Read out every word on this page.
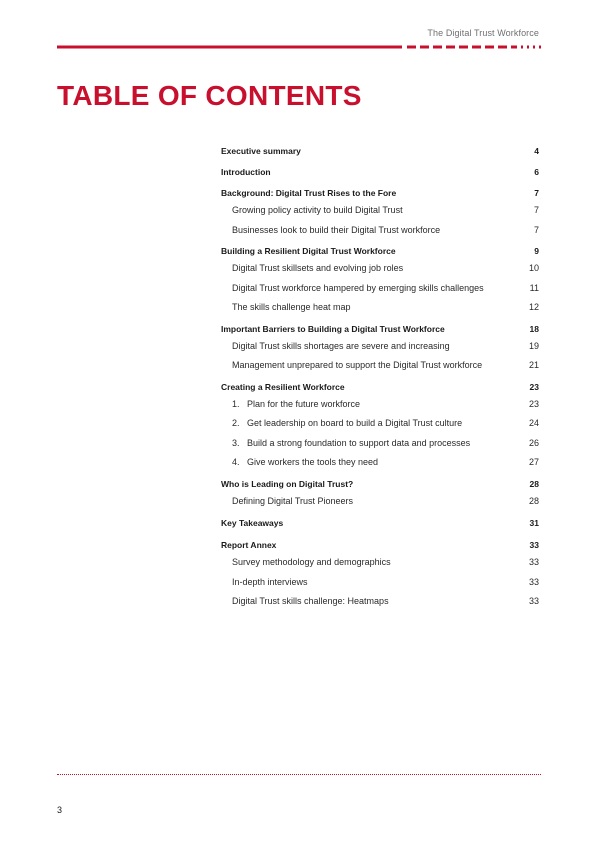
The Digital Trust Workforce
TABLE OF CONTENTS
Executive summary	4
Introduction	6
Background: Digital Trust Rises to the Fore	7
Growing policy activity to build Digital Trust	7
Businesses look to build their Digital Trust workforce	7
Building a Resilient Digital Trust Workforce	9
Digital Trust skillsets and evolving job roles	10
Digital Trust workforce hampered by emerging skills challenges	11
The skills challenge heat map	12
Important Barriers to Building a Digital Trust Workforce	18
Digital Trust skills shortages are severe and increasing	19
Management unprepared to support the Digital Trust workforce	21
Creating a Resilient Workforce	23
1. Plan for the future workforce	23
2. Get leadership on board to build a Digital Trust culture	24
3. Build a strong foundation to support data and processes	26
4. Give workers the tools they need	27
Who is Leading on Digital Trust?	28
Defining Digital Trust Pioneers	28
Key Takeaways	31
Report Annex	33
Survey methodology and demographics	33
In-depth interviews	33
Digital Trust skills challenge: Heatmaps	33
3
